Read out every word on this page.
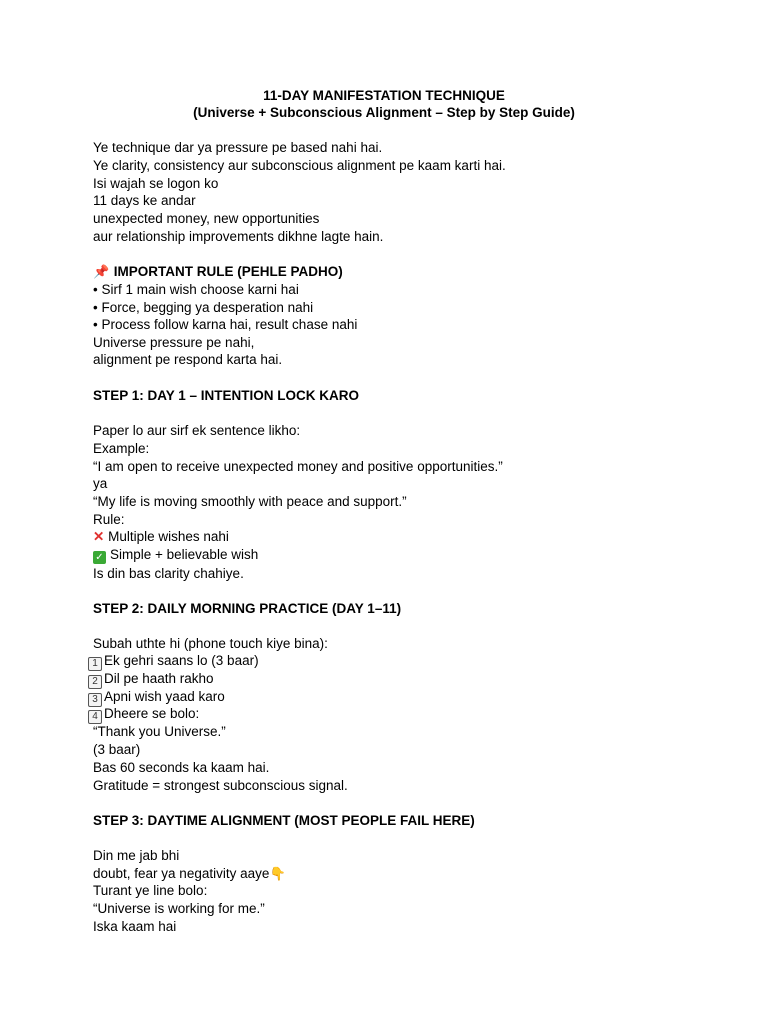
11-DAY MANIFESTATION TECHNIQUE
(Universe + Subconscious Alignment – Step by Step Guide)
Ye technique dar ya pressure pe based nahi hai.
Ye clarity, consistency aur subconscious alignment pe kaam karti hai.
Isi wajah se logon ko
11 days ke andar
unexpected money, new opportunities
aur relationship improvements dikhne lagte hain.
📌 IMPORTANT RULE (PEHLE PADHO)
• Sirf 1 main wish choose karni hai
• Force, begging ya desperation nahi
• Process follow karna hai, result chase nahi
Universe pressure pe nahi,
alignment pe respond karta hai.
STEP 1: DAY 1 – INTENTION LOCK KARO
Paper lo aur sirf ek sentence likho:
Example:
“I am open to receive unexpected money and positive opportunities.”
ya
“My life is moving smoothly with peace and support.”
Rule:
✕ Multiple wishes nahi
✓ Simple + believable wish
Is din bas clarity chahiye.
STEP 2: DAILY MORNING PRACTICE (DAY 1–11)
Subah uthte hi (phone touch kiye bina):
1 Ek gehri saans lo (3 baar)
2 Dil pe haath rakho
3 Apni wish yaad karo
4 Dheere se bolo:
“Thank you Universe.”
(3 baar)
Bas 60 seconds ka kaam hai.
Gratitude = strongest subconscious signal.
STEP 3: DAYTIME ALIGNMENT (MOST PEOPLE FAIL HERE)
Din me jab bhi
doubt, fear ya negativity aaye👇
Turant ye line bolo:
“Universe is working for me.”
Iska kaam hai
